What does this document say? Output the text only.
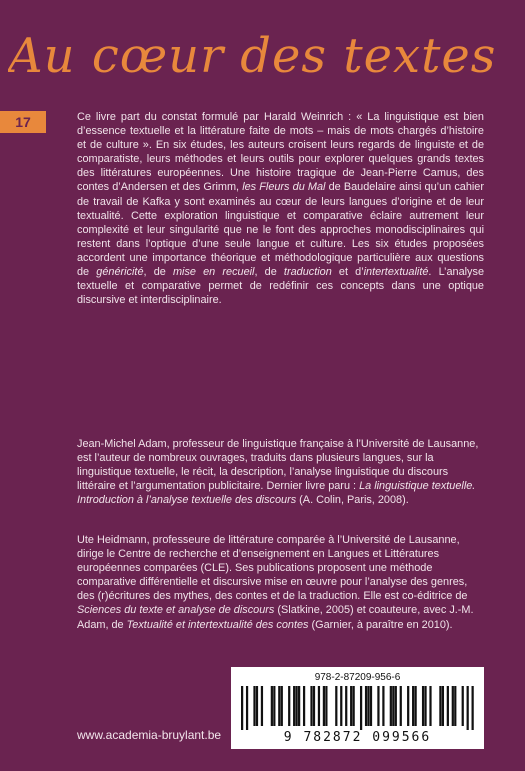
Au cœur des textes
17	Ce livre part du constat formulé par Harald Weinrich : « La linguistique est bien d’essence textuelle et la littérature faite de mots – mais de mots chargés d’histoire et de culture ». En six études, les auteurs croisent leurs regards de linguiste et de comparatiste, leurs méthodes et leurs outils pour explorer quelques grands textes des littératures européennes. Une histoire tragique de Jean-Pierre Camus, des contes d’Andersen et des Grimm, les Fleurs du Mal de Baudelaire ainsi qu’un cahier de travail de Kafka y sont examinés au cœur de leurs langues d’origine et de leur textualité. Cette exploration linguistique et comparative éclaire autrement leur complexité et leur singularité que ne le font des approches monodisciplinaires qui restent dans l’optique d’une seule langue et culture. Les six études proposées accordent une importance théorique et méthodologique particulière aux questions de généricité, de mise en recueil, de traduction et d’intertextualité. L’analyse textuelle et comparative permet de redéfinir ces concepts dans une optique discursive et interdisciplinaire.

Jean-Michel Adam, professeur de linguistique française à l’Université de Lausanne, est l’auteur de nombreux ouvrages, traduits dans plusieurs langues, sur la linguistique textuelle, le récit, la description, l’analyse linguistique du discours littéraire et l’argumentation publicitaire. Dernier livre paru : La linguistique textuelle. Introduction à l’analyse textuelle des discours (A. Colin, Paris, 2008).

Ute Heidmann, professeure de littérature comparée à l’Université de Lausanne, dirige le Centre de recherche et d’enseignement en Langues et Littératures européennes comparées (CLE). Ses publications proposent une méthode comparative différentielle et discursive mise en œuvre pour l’analyse des genres, des (r)écritures des mythes, des contes et de la traduction. Elle est co-éditrice de Sciences du texte et analyse de discours (Slatkine, 2005) et coauteure, avec J.-M. Adam, de Textualité et intertextualité des contes (Garnier, à paraître en 2010).

www.academia-bruylant.be
978-2-87209-956-6
9 782872 099566
